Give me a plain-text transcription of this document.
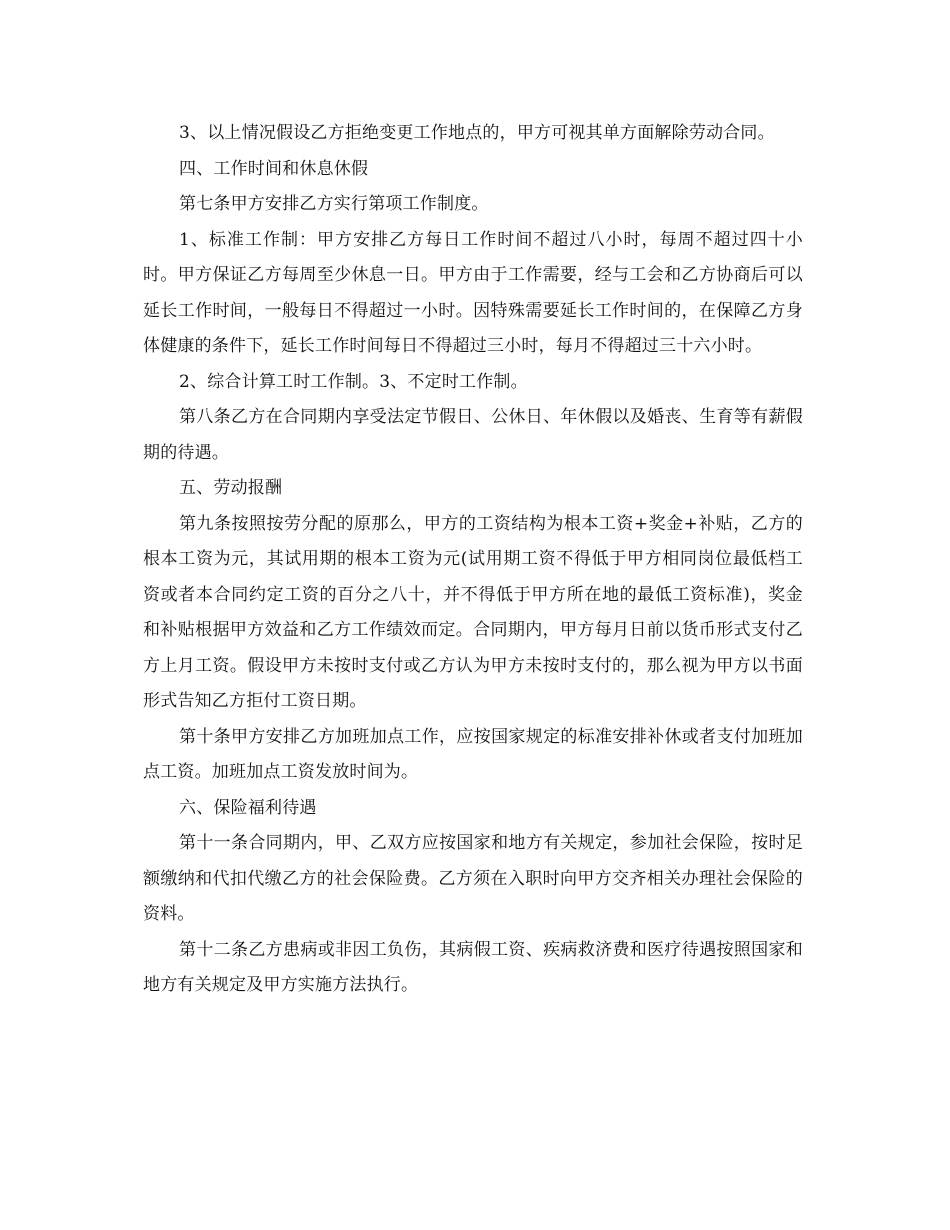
3、以上情况假设乙方拒绝变更工作地点的，甲方可视其单方面解除劳动合同。

四、工作时间和休息休假

第七条甲方安排乙方实行第项工作制度。

1、标准工作制：甲方安排乙方每日工作时间不超过八小时，每周不超过四十小时。甲方保证乙方每周至少休息一日。甲方由于工作需要，经与工会和乙方协商后可以延长工作时间，一般每日不得超过一小时。因特殊需要延长工作时间的，在保障乙方身体健康的条件下，延长工作时间每日不得超过三小时，每月不得超过三十六小时。

2、综合计算工时工作制。3、不定时工作制。

第八条乙方在合同期内享受法定节假日、公休日、年休假以及婚丧、生育等有薪假期的待遇。

五、劳动报酬

第九条按照按劳分配的原那么，甲方的工资结构为根本工资+奖金+补贴，乙方的根本工资为元，其试用期的根本工资为元(试用期工资不得低于甲方相同岗位最低档工资或者本合同约定工资的百分之八十，并不得低于甲方所在地的最低工资标准)，奖金和补贴根据甲方效益和乙方工作绩效而定。合同期内，甲方每月日前以货币形式支付乙方上月工资。假设甲方未按时支付或乙方认为甲方未按时支付的，那么视为甲方以书面形式告知乙方拒付工资日期。

第十条甲方安排乙方加班加点工作，应按国家规定的标准安排补休或者支付加班加点工资。加班加点工资发放时间为。

六、保险福利待遇

第十一条合同期内，甲、乙双方应按国家和地方有关规定，参加社会保险，按时足额缴纳和代扣代缴乙方的社会保险费。乙方须在入职时向甲方交齐相关办理社会保险的资料。

第十二条乙方患病或非因工负伤，其病假工资、疾病救济费和医疗待遇按照国家和地方有关规定及甲方实施方法执行。
